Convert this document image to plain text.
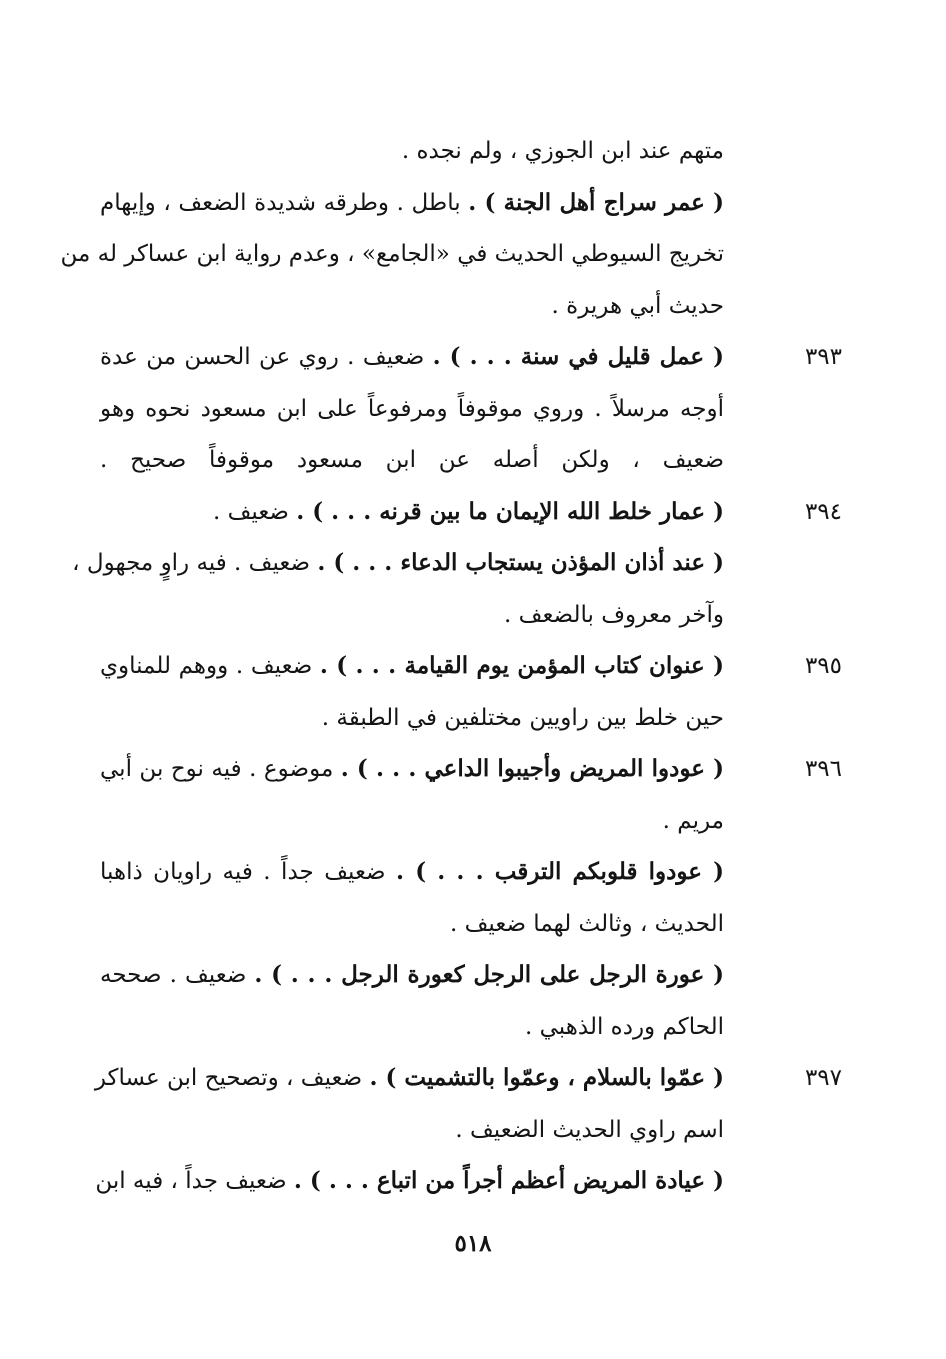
متهم عند ابن الجوزي ، ولم نجده .
( عمر سراج أهل الجنة ) . باطل . وطرقه شديدة الضعف ، وإيهام
تخريج السيوطي الحديث في «الجامع» ، وعدم رواية ابن عساكر له من
حديث أبي هريرة .
( عمل قليل في سنة . . . ) . ضعيف . روي عن الحسن من عدة
أوجه مرسلاً . وروي موقوفاً ومرفوعاً على ابن مسعود نحوه وهو
ضعيف ، ولكن أصله عن ابن مسعود موقوفاً صحيح .
( عمار خلط الله الإيمان ما بين قرنه . . . ) . ضعيف .
( عند أذان المؤذن يستجاب الدعاء . . . ) . ضعيف . فيه راوٍ مجهول ،
وآخر معروف بالضعف .
( عنوان كتاب المؤمن يوم القيامة . . . ) . ضعيف . ووهم للمناوي
حين خلط بين راويين مختلفين في الطبقة .
( عودوا المريض وأجيبوا الداعي . . . ) . موضوع . فيه نوح بن أبي
مريم .
( عودوا قلوبكم الترقب . . . ) . ضعيف جداً . فيه راويان ذاهبا
الحديث ، وثالث لهما ضعيف .
( عورة الرجل على الرجل كعورة الرجل . . . ) . ضعيف . صححه
الحاكم ورده الذهبي .
( عمّوا بالسلام ، وعمّوا بالتشميت ) . ضعيف ، وتصحيح ابن عساكر
اسم راوي الحديث الضعيف .
( عيادة المريض أعظم أجراً من اتباع . . . ) . ضعيف جداً ، فيه ابن
٣٩٣
٣٩٤
٣٩٥
٣٩٦
٣٩٧
٥١٨
